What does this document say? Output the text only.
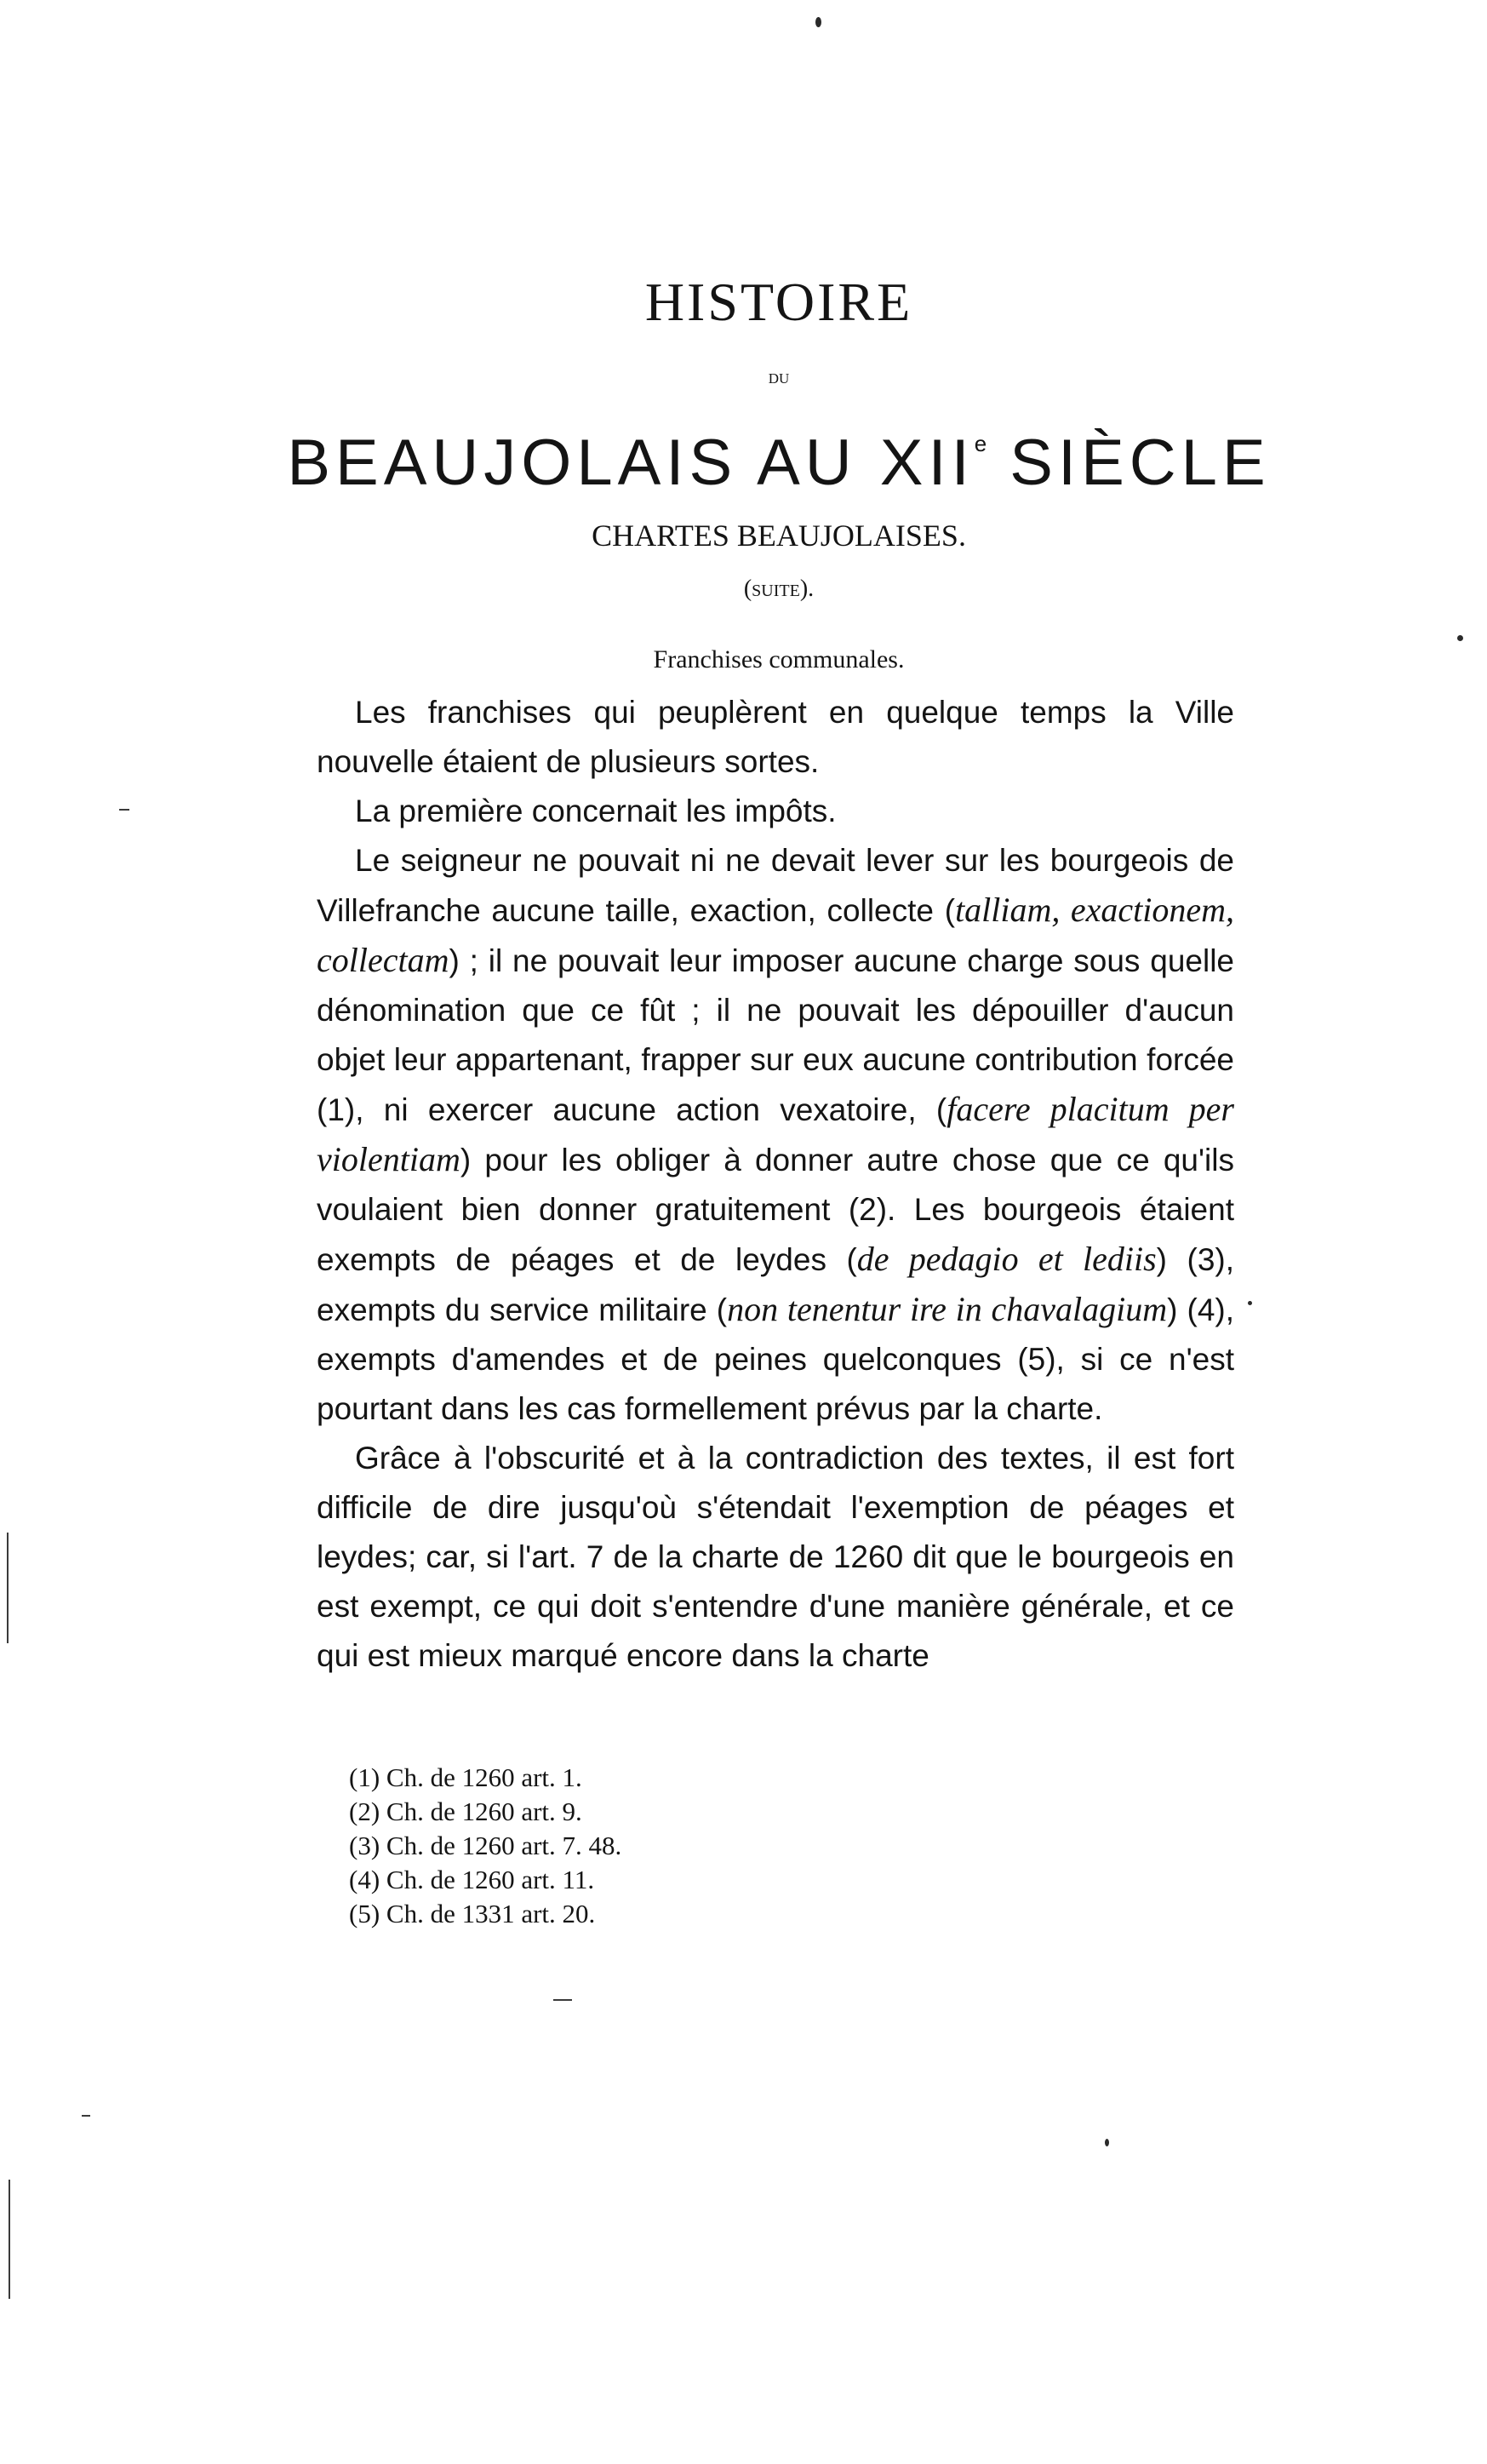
HISTOIRE

du

BEAUJOLAIS AU XIIe SIÈCLE
CHARTES BEAUJOLAISES.

(suite).

Franchises communales.

Les franchises qui peuplèrent en quelque temps la Ville nouvelle étaient de plusieurs sortes.

La première concernait les impôts.

Le seigneur ne pouvait ni ne devait lever sur les bourgeois de Villefranche aucune taille, exaction, collecte (talliam, exactionem, collectam) ; il ne pouvait leur imposer aucune charge sous quelle dénomination que ce fût ; il ne pouvait les dépouiller d'aucun objet leur appartenant, frapper sur eux aucune contribution forcée (1), ni exercer aucune action vexatoire, (facere placitum per violentiam) pour les obliger à donner autre chose que ce qu'ils voulaient bien donner gratuitement (2). Les bourgeois étaient exempts de péages et de leydes (de pedagio et lediis) (3), exempts du service militaire (non tenentur ire in chavalagium) (4), exempts d'amendes et de peines quelconques (5), si ce n'est pourtant dans les cas formellement prévus par la charte.

Grâce à l'obscurité et à la contradiction des textes, il est fort difficile de dire jusqu'où s'étendait l'exemption de péages et leydes; car, si l'art. 7 de la charte de 1260 dit que le bourgeois en est exempt, ce qui doit s'entendre d'une manière générale, et ce qui est mieux marqué encore dans la charte

(1) Ch. de 1260 art. 1.

(2) Ch. de 1260 art. 9.

(3) Ch. de 1260 art. 7. 48.

(4) Ch. de 1260 art. 11.

(5) Ch. de 1331 art. 20.
